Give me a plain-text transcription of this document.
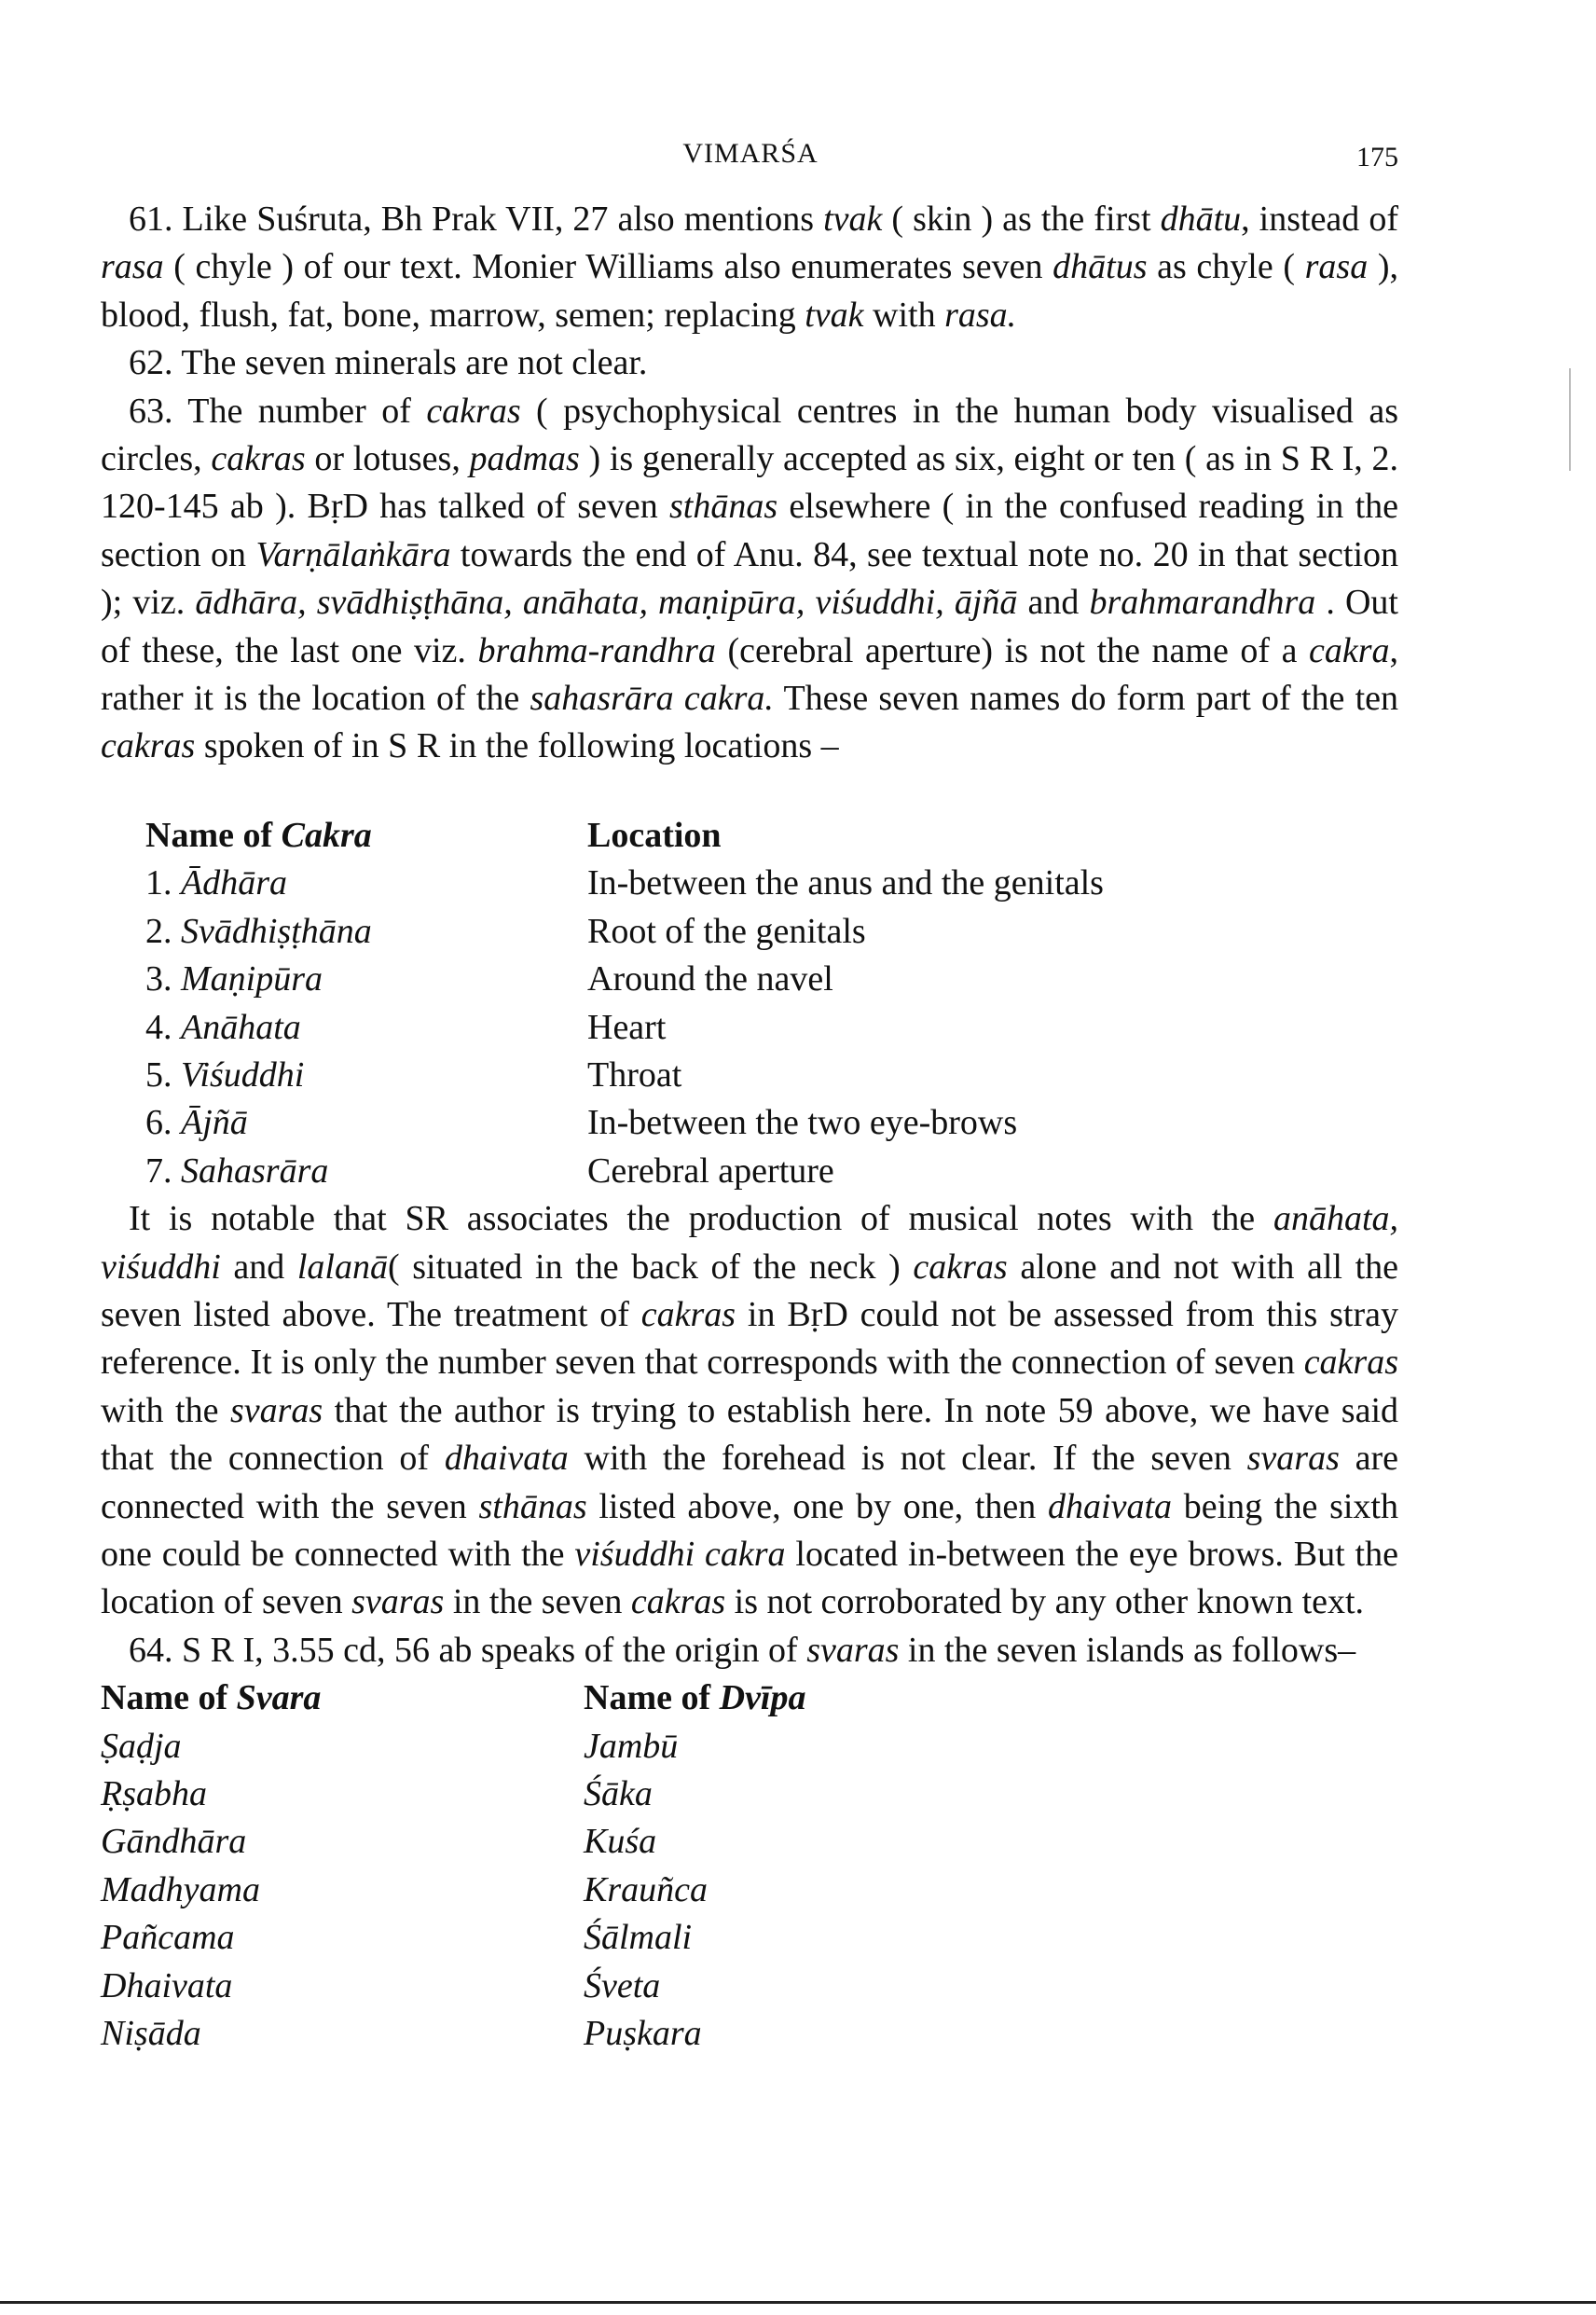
VIMARŚA	175

61. Like Suśruta, Bh Prak VII, 27 also mentions tvak ( skin ) as the first dhātu, instead of rasa ( chyle ) of our text. Monier Williams also enumerates seven dhātus as chyle ( rasa ), blood, flush, fat, bone, marrow, semen; replacing tvak with rasa.

62. The seven minerals are not clear.

63. The number of cakras ( psychophysical centres in the human body visualised as circles, cakras or lotuses, padmas ) is generally accepted as six, eight or ten ( as in S R I, 2. 120-145 ab ). BṛD has talked of seven sthānas elsewhere ( in the confused reading in the section on Varṇālaṅkāra towards the end of Anu. 84, see textual note no. 20 in that section ); viz. ādhāra, svādhiṣṭhāna, anāhata, maṇipūra, viśuddhi, ājñā and brahmarandhra . Out of these, the last one viz. brahma-randhra (cerebral aperture) is not the name of a cakra, rather it is the location of the sahasrāra cakra. These seven names do form part of the ten cakras spoken of in S R in the following locations –

Name of Cakra	Location
1. Ādhāra	In-between the anus and the genitals
2. Svādhiṣṭhāna	Root of the genitals
3. Maṇipūra	Around the navel
4. Anāhata	Heart
5. Viśuddhi	Throat
6. Ājñā	In-between the two eye-brows
7. Sahasrāra	Cerebral aperture

It is notable that SR associates the production of musical notes with the anāhata, viśuddhi and lalanā( situated in the back of the neck ) cakras alone and not with all the seven listed above. The treatment of cakras in BṛD could not be assessed from this stray reference. It is only the number seven that corresponds with the connection of seven cakras with the svaras that the author is trying to establish here. In note 59 above, we have said that the connection of dhaivata with the forehead is not clear. If the seven svaras are connected with the seven sthānas listed above, one by one, then dhaivata being the sixth one could be connected with the viśuddhi cakra located in-between the eye brows. But the location of seven svaras in the seven cakras is not corroborated by any other known text.

64. S R I, 3.55 cd, 56 ab speaks of the origin of svaras in the seven islands as follows–

Name of Svara	Name of Dvīpa
Ṣaḍja	Jambū
Ṛṣabha	Śāka
Gāndhāra	Kuśa
Madhyama	Krauñca
Pañcama	Śālmali
Dhaivata	Śveta
Niṣāda	Puṣkara
